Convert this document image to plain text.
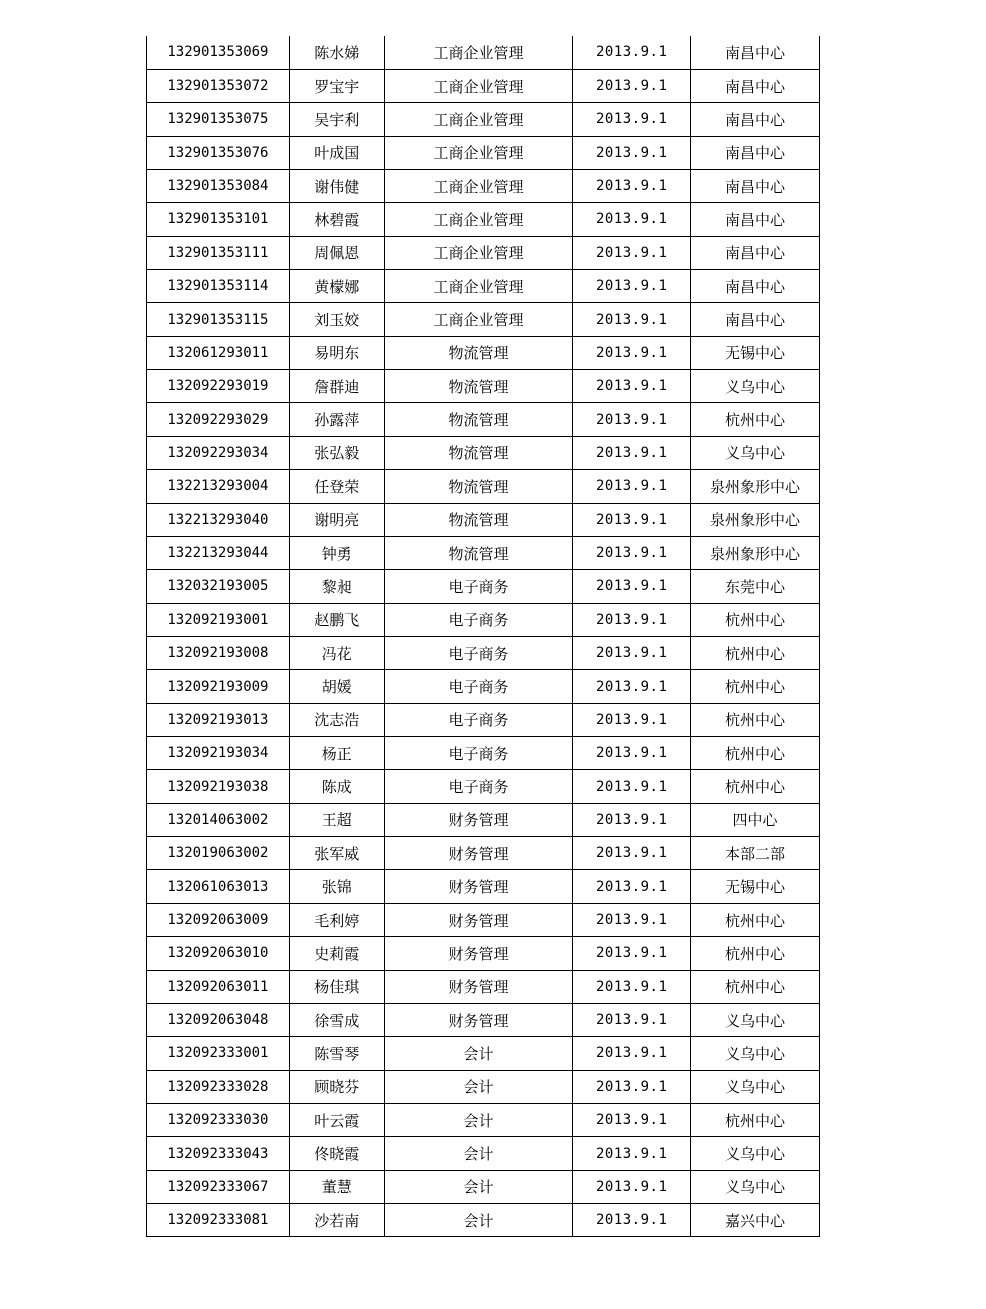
132901353069	陈水娣	工商企业管理	2013.9.1	南昌中心
132901353072	罗宝宇	工商企业管理	2013.9.1	南昌中心
132901353075	吴宇利	工商企业管理	2013.9.1	南昌中心
132901353076	叶成国	工商企业管理	2013.9.1	南昌中心
132901353084	谢伟健	工商企业管理	2013.9.1	南昌中心
132901353101	林碧霞	工商企业管理	2013.9.1	南昌中心
132901353111	周佩恩	工商企业管理	2013.9.1	南昌中心
132901353114	黄檬娜	工商企业管理	2013.9.1	南昌中心
132901353115	刘玉姣	工商企业管理	2013.9.1	南昌中心
132061293011	易明东	物流管理	2013.9.1	无锡中心
132092293019	詹群迪	物流管理	2013.9.1	义乌中心
132092293029	孙露萍	物流管理	2013.9.1	杭州中心
132092293034	张弘毅	物流管理	2013.9.1	义乌中心
132213293004	任登荣	物流管理	2013.9.1	泉州象形中心
132213293040	谢明亮	物流管理	2013.9.1	泉州象形中心
132213293044	钟勇	物流管理	2013.9.1	泉州象形中心
132032193005	黎昶	电子商务	2013.9.1	东莞中心
132092193001	赵鹏飞	电子商务	2013.9.1	杭州中心
132092193008	冯花	电子商务	2013.9.1	杭州中心
132092193009	胡媛	电子商务	2013.9.1	杭州中心
132092193013	沈志浩	电子商务	2013.9.1	杭州中心
132092193034	杨正	电子商务	2013.9.1	杭州中心
132092193038	陈成	电子商务	2013.9.1	杭州中心
132014063002	王超	财务管理	2013.9.1	四中心
132019063002	张军威	财务管理	2013.9.1	本部二部
132061063013	张锦	财务管理	2013.9.1	无锡中心
132092063009	毛利婷	财务管理	2013.9.1	杭州中心
132092063010	史莉霞	财务管理	2013.9.1	杭州中心
132092063011	杨佳琪	财务管理	2013.9.1	杭州中心
132092063048	徐雪成	财务管理	2013.9.1	义乌中心
132092333001	陈雪琴	会计	2013.9.1	义乌中心
132092333028	顾晓芬	会计	2013.9.1	义乌中心
132092333030	叶云霞	会计	2013.9.1	杭州中心
132092333043	佟晓霞	会计	2013.9.1	义乌中心
132092333067	董慧	会计	2013.9.1	义乌中心
132092333081	沙若南	会计	2013.9.1	嘉兴中心
